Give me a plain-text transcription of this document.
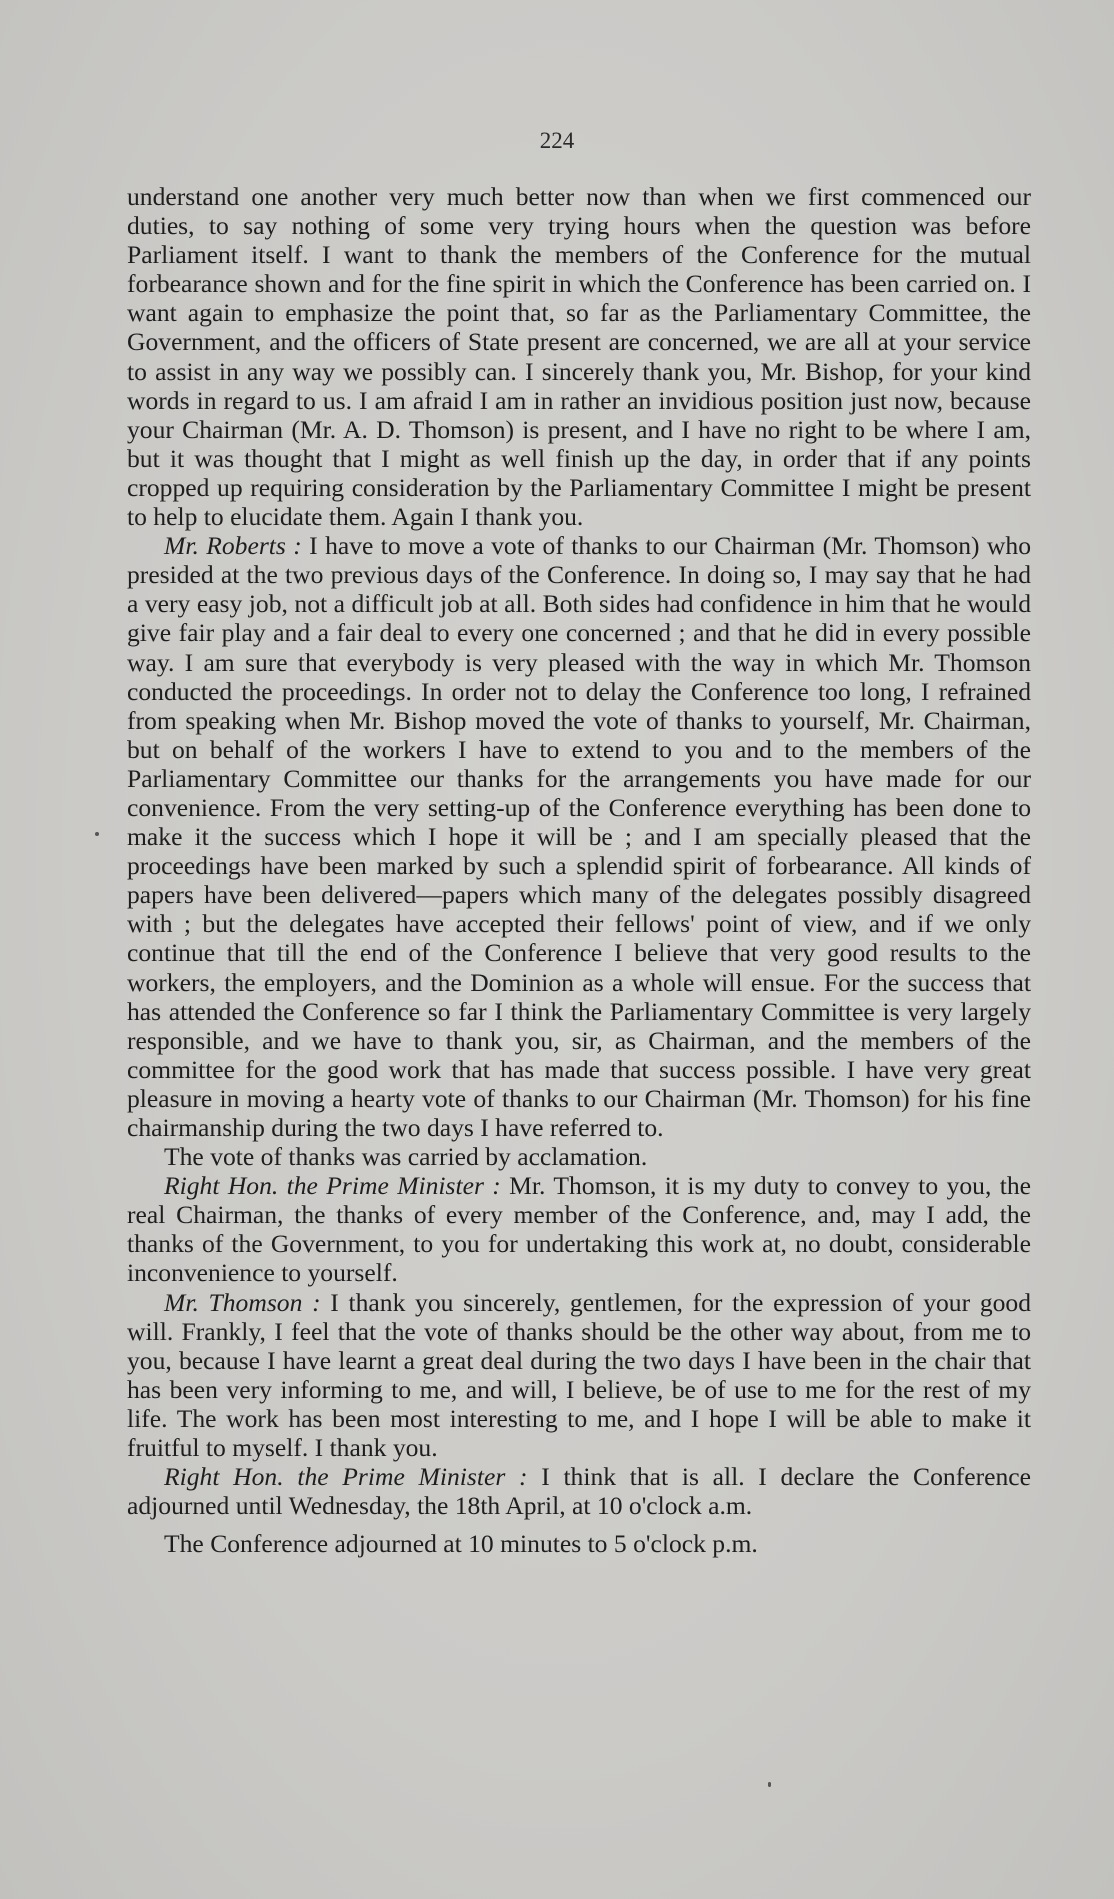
224

understand one another very much better now than when we first commenced our duties, to say nothing of some very trying hours when the question was before Parliament itself. I want to thank the members of the Conference for the mutual forbearance shown and for the fine spirit in which the Conference has been carried on. I want again to emphasize the point that, so far as the Parliamentary Committee, the Government, and the officers of State present are concerned, we are all at your service to assist in any way we possibly can. I sincerely thank you, Mr. Bishop, for your kind words in regard to us. I am afraid I am in rather an invidious position just now, because your Chairman (Mr. A. D. Thomson) is present, and I have no right to be where I am, but it was thought that I might as well finish up the day, in order that if any points cropped up requiring consideration by the Parliamentary Committee I might be present to help to elucidate them. Again I thank you.

Mr. Roberts : I have to move a vote of thanks to our Chairman (Mr. Thomson) who presided at the two previous days of the Conference. In doing so, I may say that he had a very easy job, not a difficult job at all. Both sides had confidence in him that he would give fair play and a fair deal to every one concerned ; and that he did in every possible way. I am sure that everybody is very pleased with the way in which Mr. Thomson conducted the proceedings. In order not to delay the Conference too long, I refrained from speaking when Mr. Bishop moved the vote of thanks to yourself, Mr. Chairman, but on behalf of the workers I have to extend to you and to the members of the Parliamentary Committee our thanks for the arrangements you have made for our convenience. From the very setting-up of the Conference everything has been done to make it the success which I hope it will be ; and I am specially pleased that the proceedings have been marked by such a splendid spirit of forbearance. All kinds of papers have been delivered—papers which many of the delegates possibly disagreed with ; but the delegates have accepted their fellows' point of view, and if we only continue that till the end of the Conference I believe that very good results to the workers, the employers, and the Dominion as a whole will ensue. For the success that has attended the Conference so far I think the Parliamentary Committee is very largely responsible, and we have to thank you, sir, as Chairman, and the members of the committee for the good work that has made that success possible. I have very great pleasure in moving a hearty vote of thanks to our Chairman (Mr. Thomson) for his fine chairmanship during the two days I have referred to.

The vote of thanks was carried by acclamation.

Right Hon. the Prime Minister : Mr. Thomson, it is my duty to convey to you, the real Chairman, the thanks of every member of the Conference, and, may I add, the thanks of the Government, to you for undertaking this work at, no doubt, considerable inconvenience to yourself.

Mr. Thomson : I thank you sincerely, gentlemen, for the expression of your good will. Frankly, I feel that the vote of thanks should be the other way about, from me to you, because I have learnt a great deal during the two days I have been in the chair that has been very informing to me, and will, I believe, be of use to me for the rest of my life. The work has been most interesting to me, and I hope I will be able to make it fruitful to myself. I thank you.

Right Hon. the Prime Minister : I think that is all. I declare the Conference adjourned until Wednesday, the 18th April, at 10 o'clock a.m.

The Conference adjourned at 10 minutes to 5 o'clock p.m.
